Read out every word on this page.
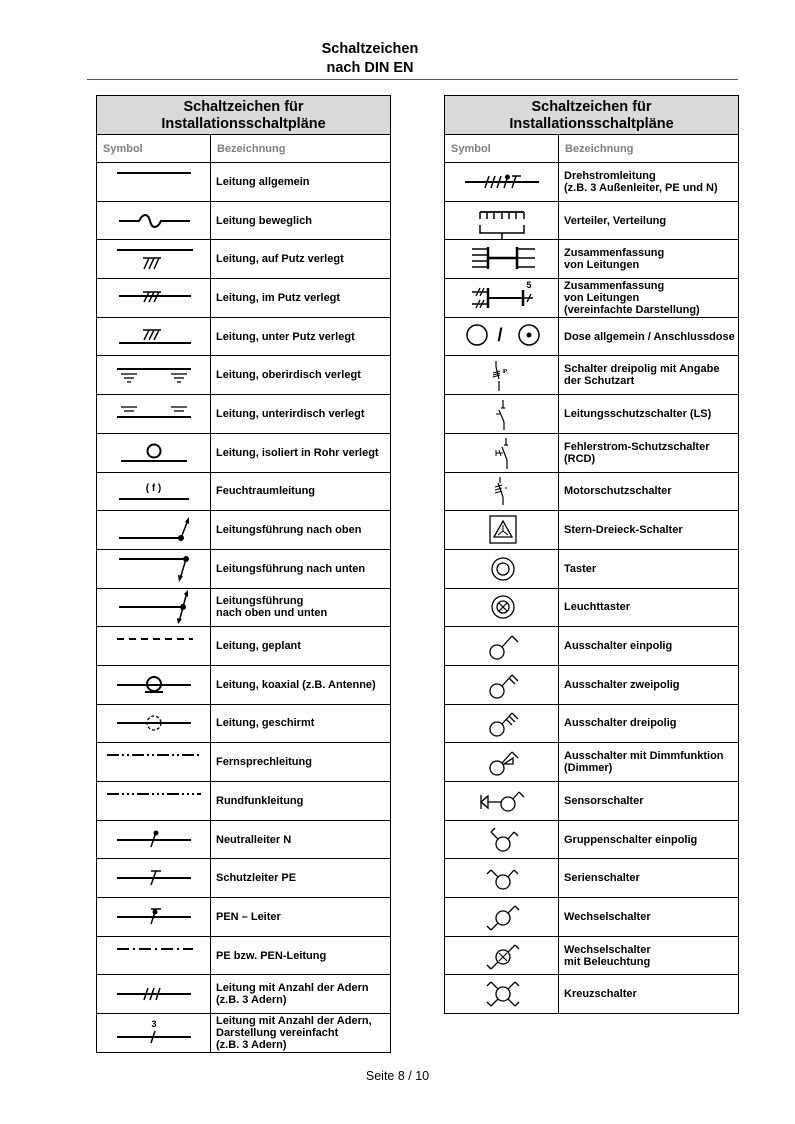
Schaltzeichen
nach DIN EN
Schaltzeichen für
Installationsschaltpläne	
Symbol	Bezeichnung

Leitung allgemein

Leitung beweglich

Leitung, auf Putz verlegt

Leitung, im Putz verlegt

Leitung, unter Putz verlegt

Leitung, oberirdisch verlegt

Leitung, unterirdisch verlegt

Leitung, isoliert in Rohr verlegt

( f )	Feuchtraumleitung

Leitungsführung nach oben

Leitungsführung nach unten

Leitungsführung
nach oben und unten

Leitung, geplant

Leitung, koaxial (z.B. Antenne)

Leitung, geschirmt

Fernsprechleitung

Rundfunkleitung

Neutralleiter N

Schutzleiter PE

PEN – Leiter

PE bzw. PEN-Leitung

Leitung mit Anzahl der Adern
(z.B. 3 Adern)

3	Leitung mit Anzahl der Adern,
Darstellung vereinfacht
(z.B. 3 Adern)
Schaltzeichen für
Installationsschaltpläne	
Symbol	Bezeichnung

Drehstromleitung
(z.B. 3 Außenleiter, PE und N)

Verteiler, Verteilung

Zusammenfassung
von Leitungen

5	Zusammenfassung
von Leitungen
(vereinfachte Darstellung)

/	Dose allgemein / Anschlussdose

IP	Schalter dreipolig mit Angabe
der Schutzart

Leitungsschutzschalter (LS)

Fehlerstrom-Schutzschalter
(RCD)

Motorschutzschalter

Stern-Dreieck-Schalter

Taster

Leuchttaster

Ausschalter einpolig

Ausschalter zweipolig

Ausschalter dreipolig

Ausschalter mit Dimmfunktion
(Dimmer)

Sensorschalter

Gruppenschalter einpolig

Serienschalter

Wechselschalter

Wechselschalter
mit Beleuchtung

Kreuzschalter
Seite 8 / 10
